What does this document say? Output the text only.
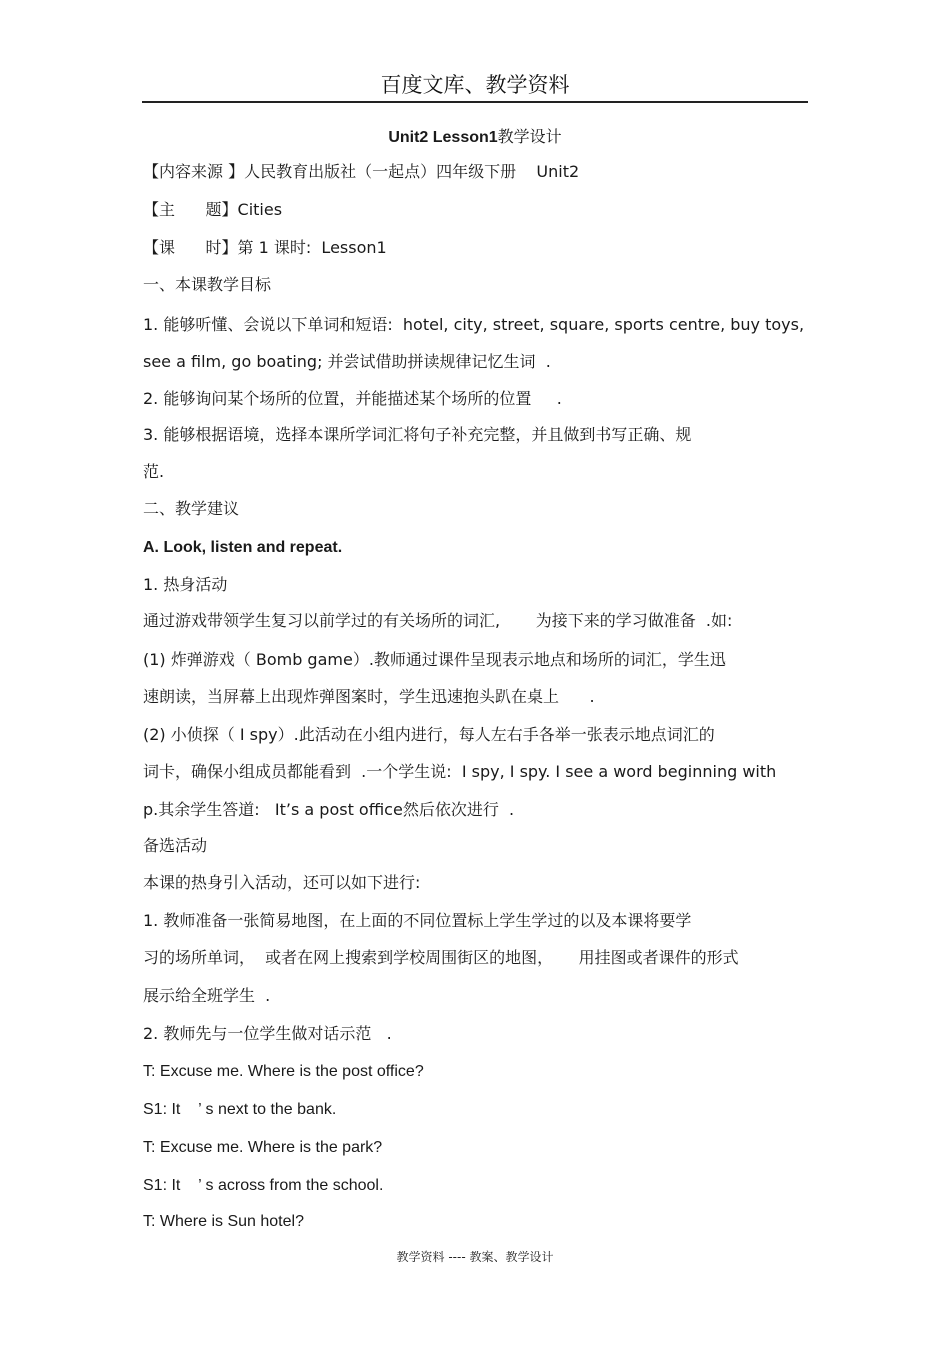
百度文库、教学资料
Unit2 Lesson1教学设计
【内容来源 】人民教育出版社（一起点）四年级下册    Unit2
【主      题】Cities
【课      时】第 1 课时:  Lesson1
一、本课教学目标
1. 能够听懂、会说以下单词和短语:  hotel, city, street, square, sports centre, buy toys,
see a film, go boating; 并尝试借助拼读规律记忆生词  .
2. 能够询问某个场所的位置，并能描述某个场所的位置     .
3. 能够根据语境，选择本课所学词汇将句子补充完整，并且做到书写正确、规
范.
二、教学建议
A. Look, listen and repeat.
1. 热身活动
通过游戏带领学生复习以前学过的有关场所的词汇,       为接下来的学习做准备  .如:
(1) 炸弹游戏（ Bomb game）.教师通过课件呈现表示地点和场所的词汇，学生迅
速朗读，当屏幕上出现炸弹图案时，学生迅速抱头趴在桌上      .
(2) 小侦探（ I spy）.此活动在小组内进行，每人左右手各举一张表示地点词汇的
词卡，确保小组成员都能看到  .一个学生说:  I spy, I spy. I see a word beginning with
p.其余学生答道:   It’s a post office然后依次进行  .
备选活动
本课的热身引入活动，还可以如下进行:
1. 教师准备一张简易地图，在上面的不同位置标上学生学过的以及本课将要学
习的场所单词，  或者在网上搜索到学校周围街区的地图，     用挂图或者课件的形式
展示给全班学生  .
2. 教师先与一位学生做对话示范   .
T: Excuse me. Where is the post office?
S1: It    ’ s next to the bank.
T: Excuse me. Where is the park?
S1: It    ’ s across from the school.
T: Where is Sun hotel?
教学资料 ---- 教案、教学设计
